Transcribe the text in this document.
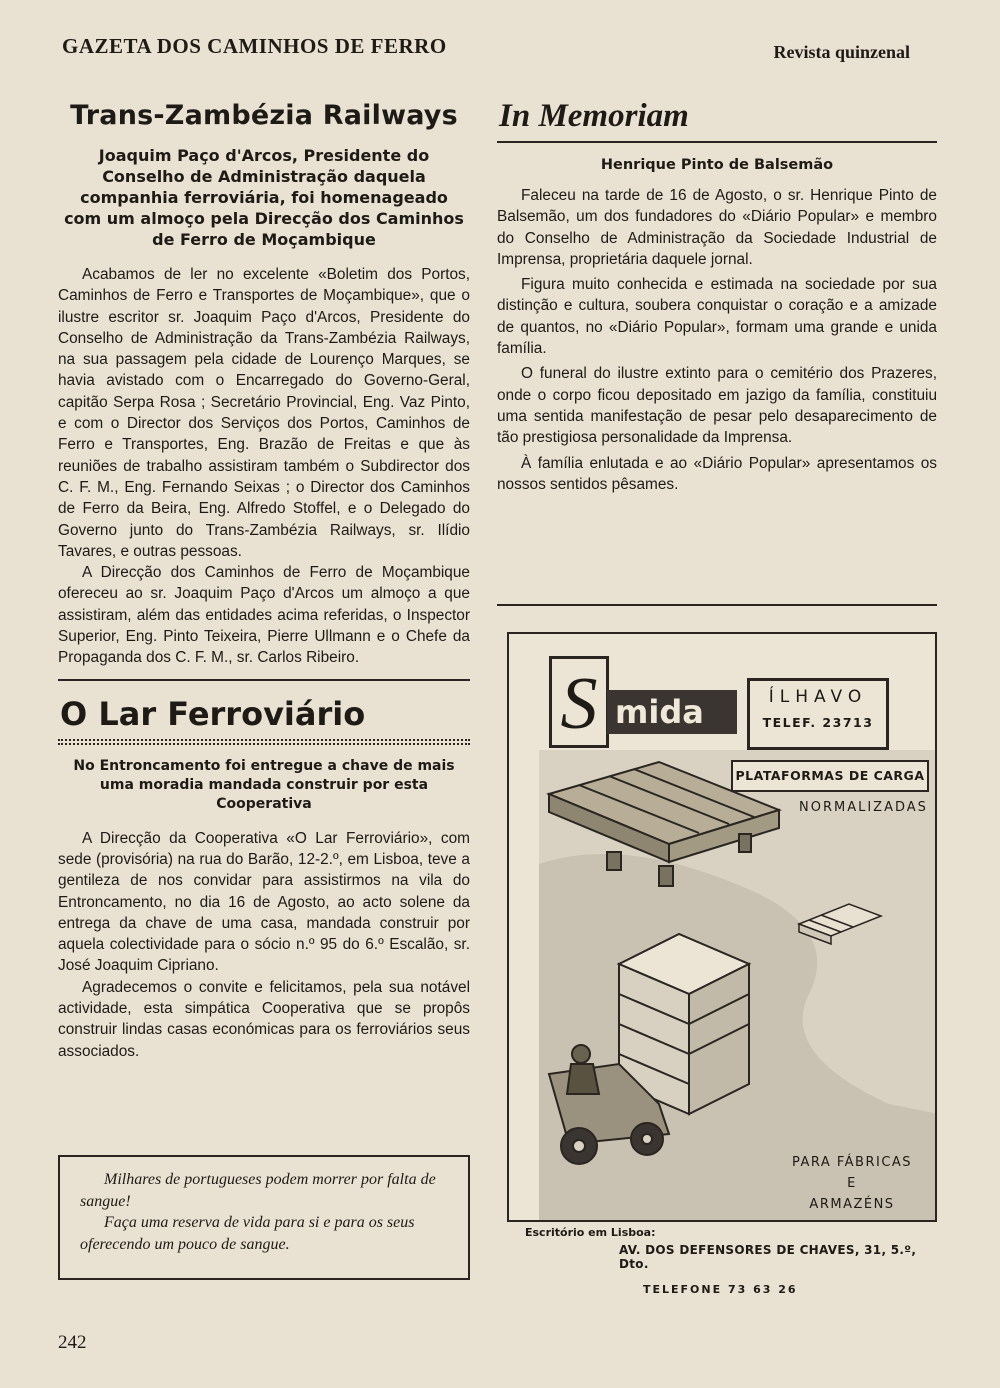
GAZETA DOS CAMINHOS DE FERRO	Revista quinzenal
Trans-Zambézia Railways
Joaquim Paço d'Arcos, Presidente do Conselho de Administração daquela companhia ferroviária, foi homenageado com um almoço pela Direcção dos Caminhos de Ferro de Moçambique

Acabamos de ler no excelente «Boletim dos Portos, Caminhos de Ferro e Transportes de Moçambique», que o ilustre escritor sr. Joaquim Paço d'Arcos, Presidente do Conselho de Administração da Trans-Zambézia Railways, na sua passagem pela cidade de Lourenço Marques, se havia avistado com o Encarregado do Governo-Geral, capitão Serpa Rosa ; Secretário Provincial, Eng. Vaz Pinto, e com o Director dos Serviços dos Portos, Caminhos de Ferro e Transportes, Eng. Brazão de Freitas e que às reuniões de trabalho assistiram também o Subdirector dos C. F. M., Eng. Fernando Seixas ; o Director dos Caminhos de Ferro da Beira, Eng. Alfredo Stoffel, e o Delegado do Governo junto do Trans-Zambézia Railways, sr. Ilídio Tavares, e outras pessoas.

A Direcção dos Caminhos de Ferro de Moçambique ofereceu ao sr. Joaquim Paço d'Arcos um almoço a que assistiram, além das entidades acima referidas, o Inspector Superior, Eng. Pinto Teixeira, Pierre Ullmann e o Chefe da Propaganda dos C. F. M., sr. Carlos Ribeiro.

O Lar Ferroviário
No Entroncamento foi entregue a chave de mais uma moradia mandada construir por esta Cooperativa

A Direcção da Cooperativa «O Lar Ferroviário», com sede (provisória) na rua do Barão, 12-2.º, em Lisboa, teve a gentileza de nos convidar para assistirmos na vila do Entroncamento, no dia 16 de Agosto, ao acto solene da entrega da chave de uma casa, mandada construir por aquela colectividade para o sócio n.º 95 do 6.º Escalão, sr. José Joaquim Cipriano.

Agradecemos o convite e felicitamos, pela sua notável actividade, esta simpática Cooperativa que se propôs construir lindas casas económicas para os ferroviários seus associados.

Milhares de portugueses podem morrer por falta de sangue!

Faça uma reserva de vida para si e para os seus oferecendo um pouco de sangue.

In Memoriam
Henrique Pinto de Balsemão

Faleceu na tarde de 16 de Agosto, o sr. Henrique Pinto de Balsemão, um dos fundadores do «Diário Popular» e membro do Conselho de Administração da Sociedade Industrial de Imprensa, proprietária daquele jornal.

Figura muito conhecida e estimada na sociedade por sua distinção e cultura, soubera conquistar o coração e a amizade de quantos, no «Diário Popular», formam uma grande e unida família.

O funeral do ilustre extinto para o cemitério dos Prazeres, onde o corpo ficou depositado em jazigo da família, constituiu uma sentida manifestação de pesar pelo desaparecimento de tão prestigiosa personalidade da Imprensa.

À família enlutada e ao «Diário Popular» apresentamos os nossos sentidos pêsames.

S mida	ÍLHAVO
TELEF. 23713
PLATAFORMAS DE CARGA
NORMALIZADAS
PARA FÁBRICAS
E
ARMAZÉNS
Escritório em Lisboa:
AV. DOS DEFENSORES DE CHAVES, 31, 5.º, Dto.
TELEFONE 73 63 26
242
